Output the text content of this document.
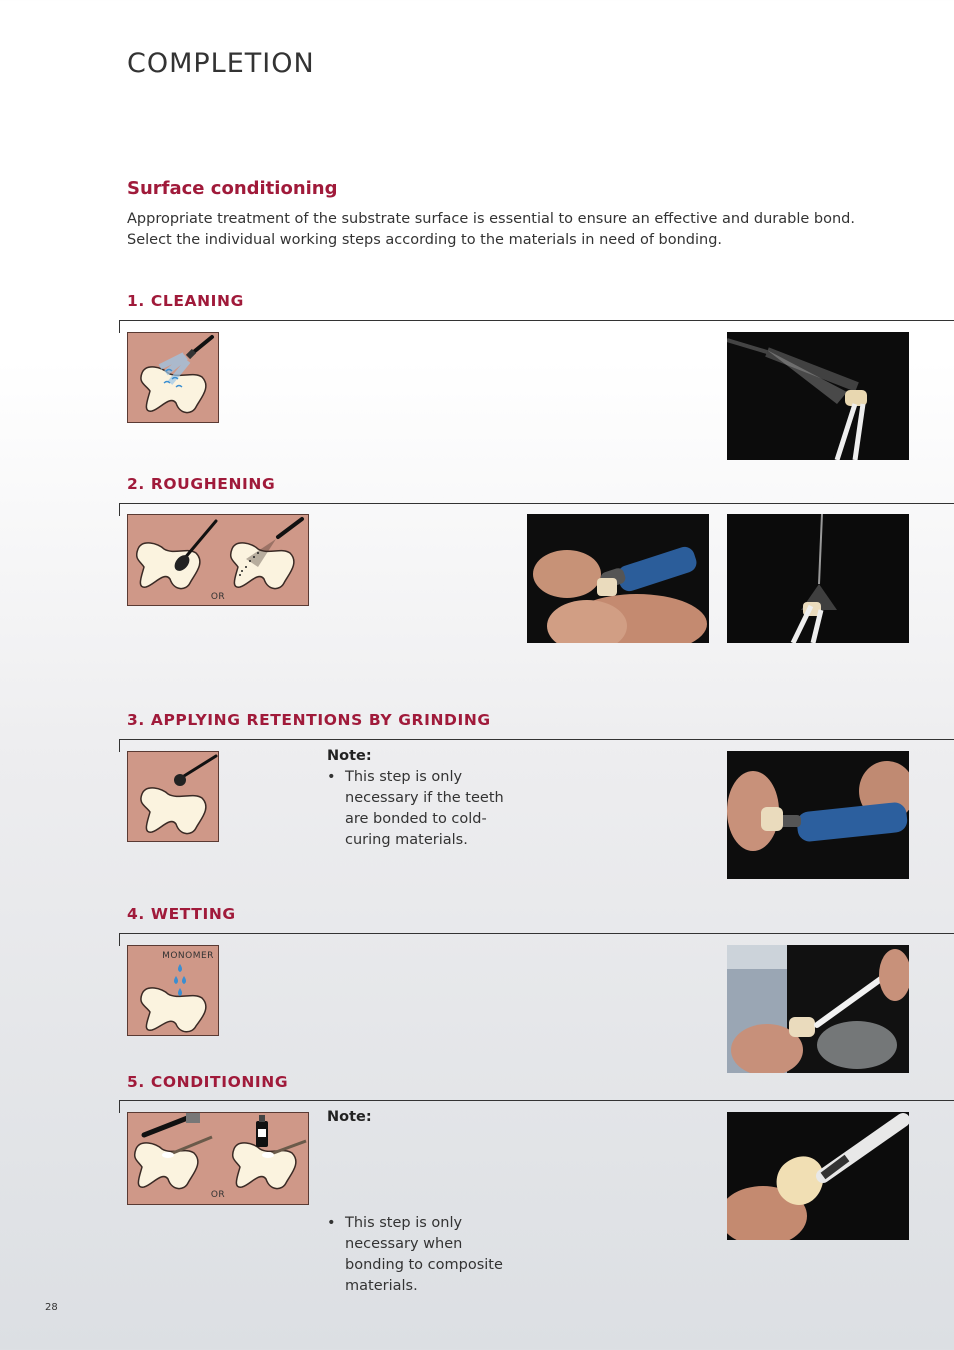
COMPLETION
Surface conditioning
Appropriate treatment of the substrate surface is essential to ensure an effective and durable bond. Select the individual working steps according to the materials in need of bonding.
1. CLEANING
2. ROUGHENING
OR
3. APPLYING RETENTIONS BY GRINDING
Note:
• This step is only necessary if the teeth are bonded to cold-curing materials.
4. WETTING
MONOMER
5. CONDITIONING
OR
Note:
• This step is only necessary when bonding to composite materials.
28
